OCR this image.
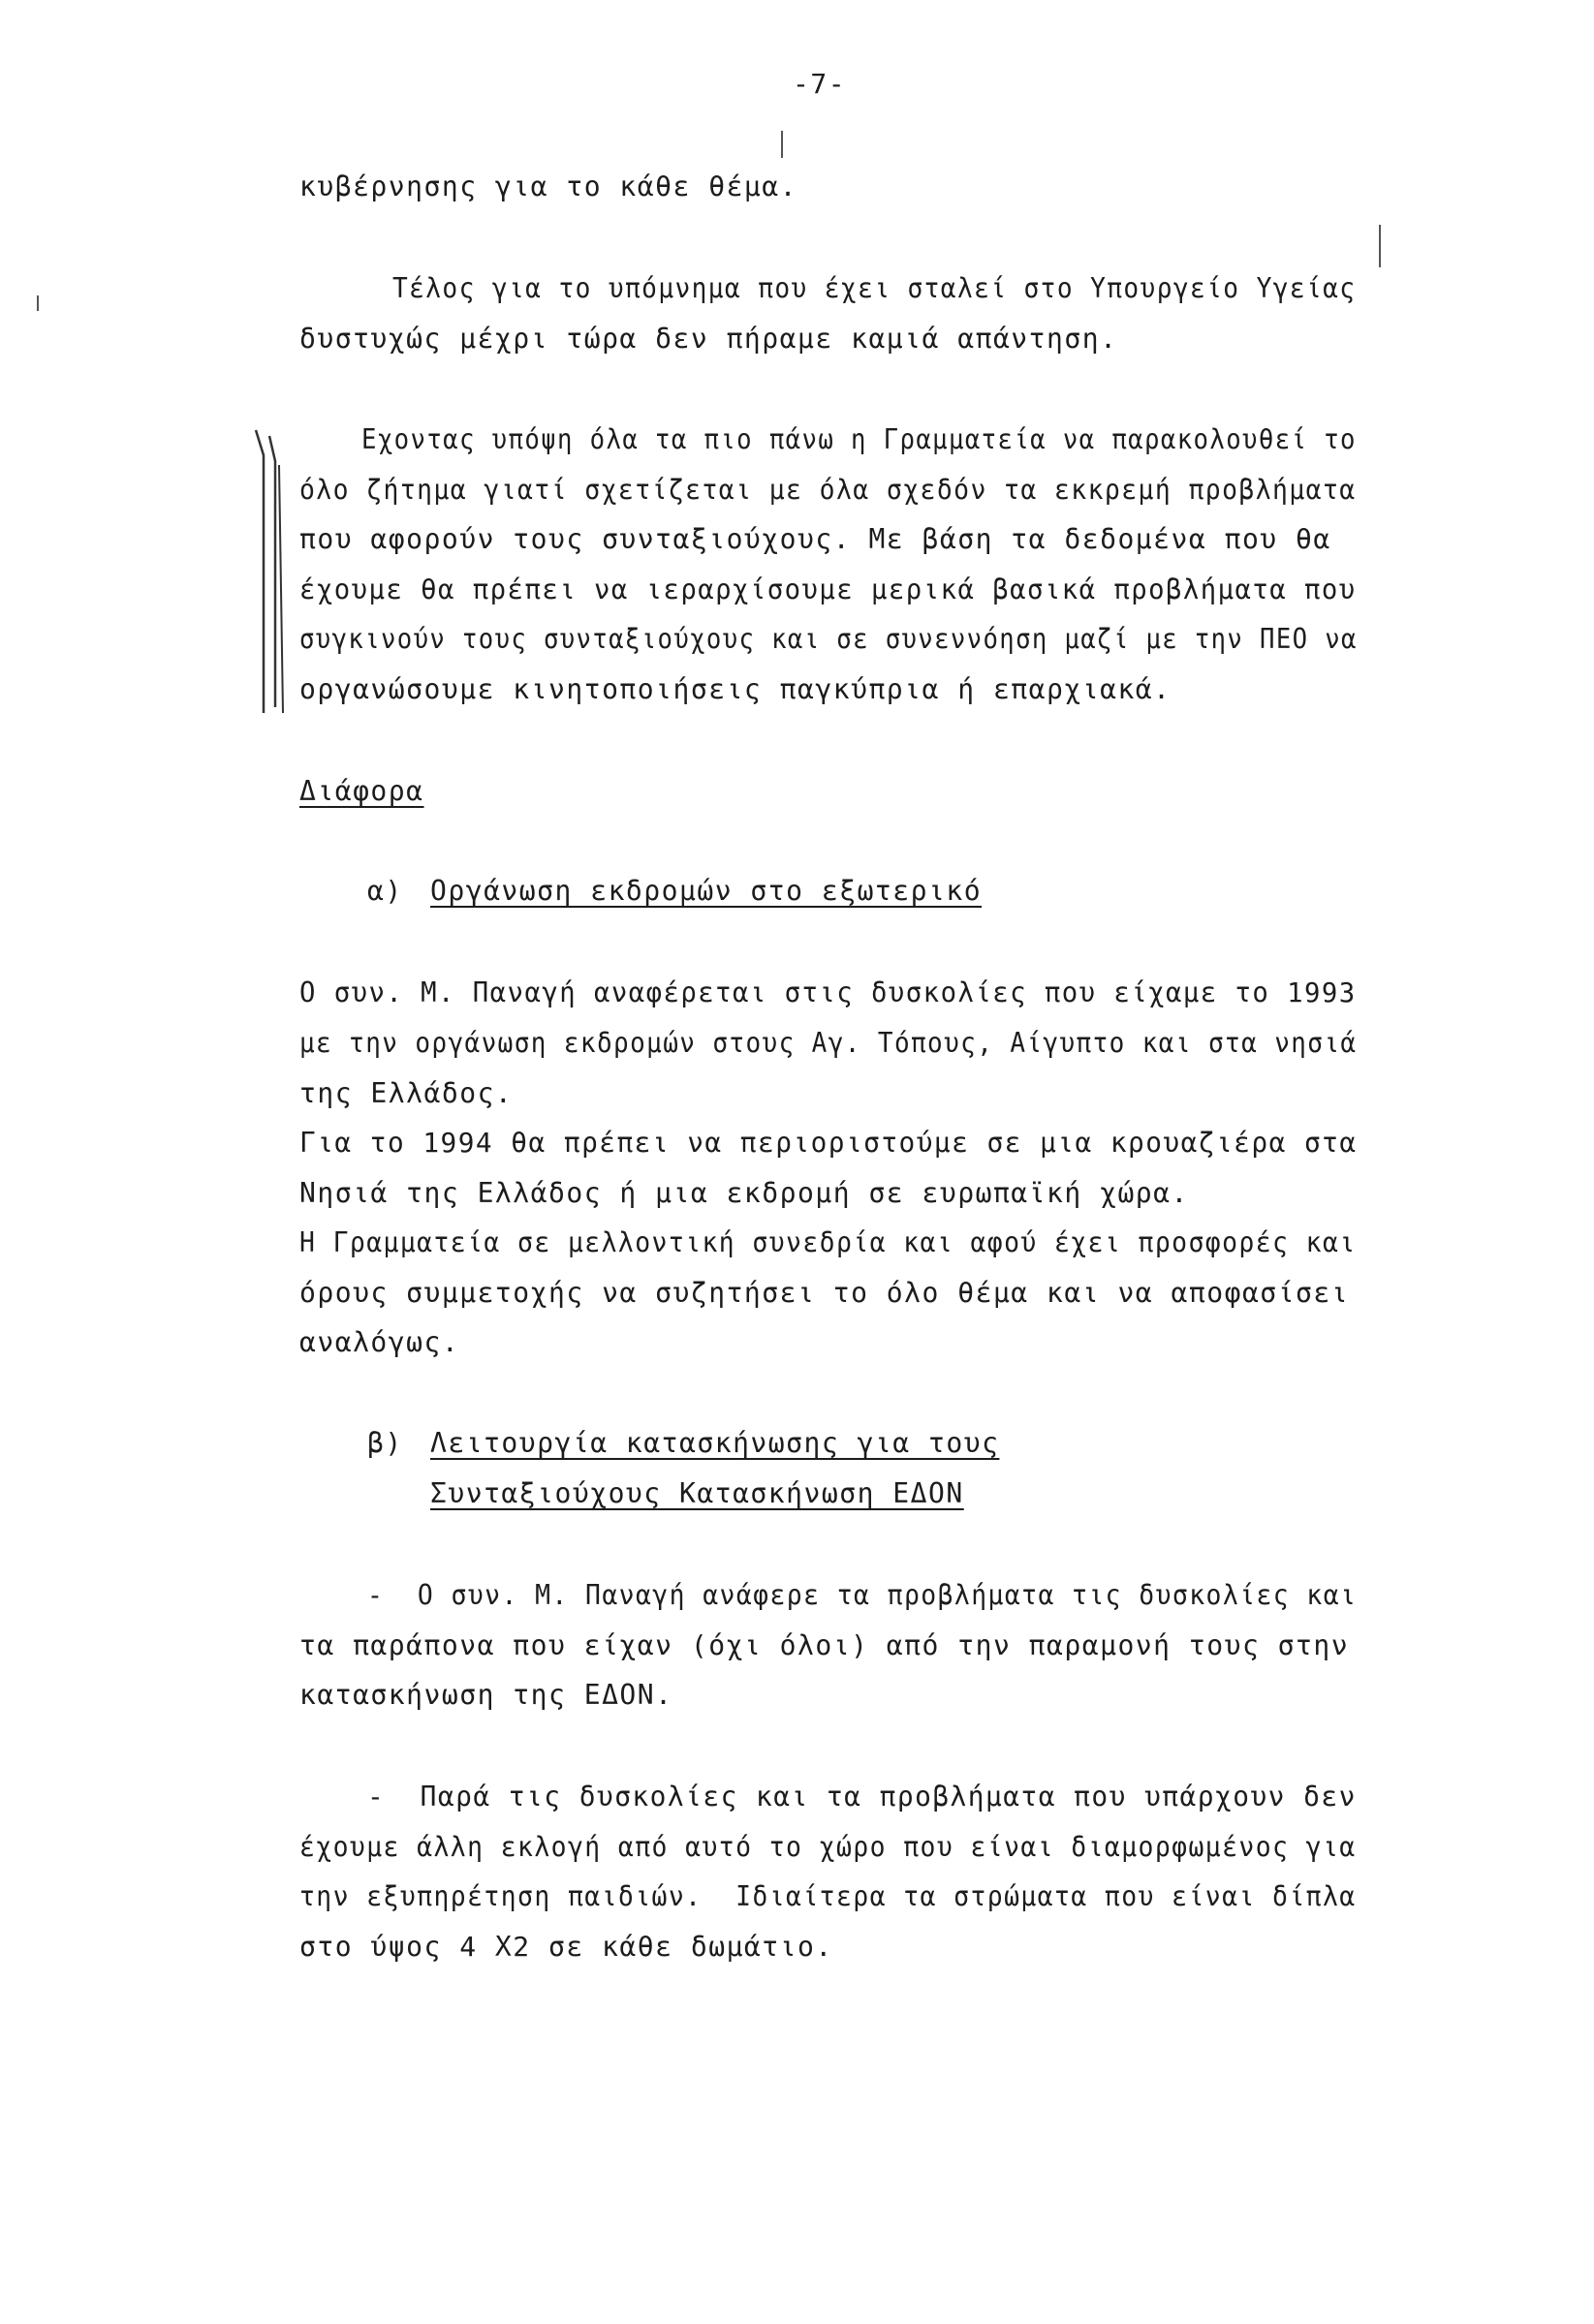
-7-
κυβέρνησης για το κάθε θέμα.
Τέλος για το υπόμνημα που έχει σταλεί στο Υπουργείο Υγείας
δυστυχώς μέχρι τώρα δεν πήραμε καμιά απάντηση.
Εχοντας υπόψη όλα τα πιο πάνω η Γραμματεία να παρακολουθεί το
όλο ζήτημα γιατί σχετίζεται με όλα σχεδόν τα εκκρεμή προβλήματα
που αφορούν τους συνταξιούχους. Με βάση τα δεδομένα που θα
έχουμε θα πρέπει να ιεραρχίσουμε μερικά βασικά προβλήματα που
συγκινούν τους συνταξιούχους και σε συνεννόηση μαζί με την ΠΕΟ να
οργανώσουμε κινητοποιήσεις παγκύπρια ή επαρχιακά.
Διάφορα
α) Οργάνωση εκδρομών στο εξωτερικό
Ο συν. Μ. Παναγή αναφέρεται στις δυσκολίες που είχαμε το 1993
με την οργάνωση εκδρομών στους Αγ. Τόπους, Αίγυπτο και στα νησιά
της Ελλάδος.
Για το 1994 θα πρέπει να περιοριστούμε σε μια κρουαζιέρα στα
Νησιά της Ελλάδος ή μια εκδρομή σε ευρωπαϊκή χώρα.
Η Γραμματεία σε μελλοντική συνεδρία και αφού έχει προσφορές και
όρους συμμετοχής να συζητήσει το όλο θέμα και να αποφασίσει
αναλόγως.
β) Λειτουργία κατασκήνωσης για τους
Συνταξιούχους Κατασκήνωση ΕΔΟΝ
-  Ο συν. Μ. Παναγή ανάφερε τα προβλήματα τις δυσκολίες και
τα παράπονα που είχαν (όχι όλοι) από την παραμονή τους στην
κατασκήνωση της ΕΔΟΝ.
-  Παρά τις δυσκολίες και τα προβλήματα που υπάρχουν δεν
έχουμε άλλη εκλογή από αυτό το χώρο που είναι διαμορφωμένος για
την εξυπηρέτηση παιδιών.  Ιδιαίτερα τα στρώματα που είναι δίπλα
στο ύψος 4 Χ2 σε κάθε δωμάτιο.
